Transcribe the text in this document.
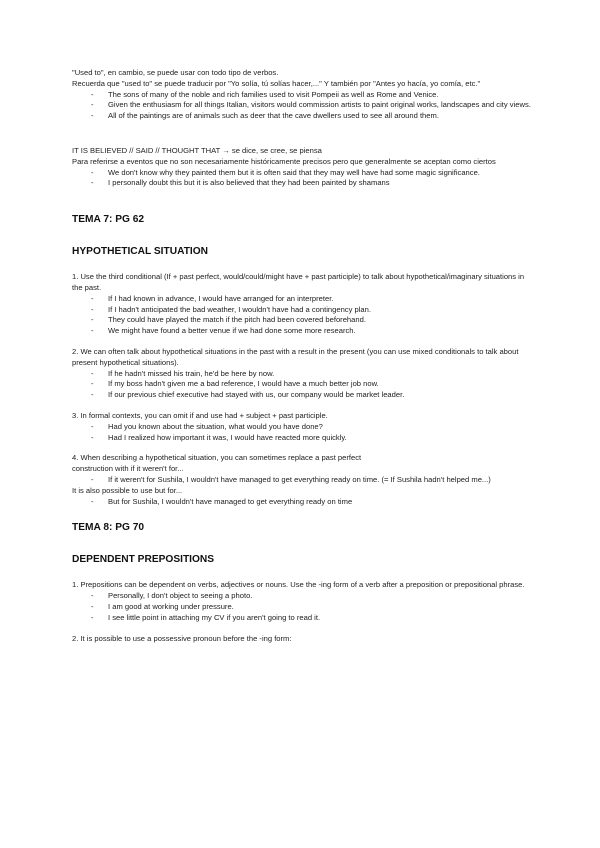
"Used to", en cambio, se puede usar con todo tipo de verbos.

Recuerda que "used to" se puede traducir por "Yo solía, tú solías hacer,..." Y también por "Antes yo hacía, yo comía, etc."

- The sons of many of the noble and rich families used to visit Pompeii as well as Rome and Venice.
- Given the enthusiasm for all things Italian, visitors would commission artists to paint original works, landscapes and city views.
- All of the paintings are of animals such as deer that the cave dwellers used to see all around them.

IT IS BELIEVED // SAID // THOUGHT THAT → se dice, se cree, se piensa

Para referirse a eventos que no son necesariamente históricamente precisos pero que generalmente se aceptan como ciertos

- We don't know why they painted them but it is often said that they may well have had some magic significance.
- I personally doubt this but it is also believed that they had been painted by shamans
TEMA 7: PG 62
HYPOTHETICAL SITUATION

1. Use the third conditional (If + past perfect, would/could/might have + past participle) to talk about hypothetical/imaginary situations in the past.

- If I had known in advance, I would have arranged for an interpreter.
- If I hadn't anticipated the bad weather, I wouldn't have had a contingency plan.
- They could have played the match if the pitch had been covered beforehand.
- We might have found a better venue if we had done some more research.

2. We can often talk about hypothetical situations in the past with a result in the present (you can use mixed conditionals to talk about present hypothetical situations).

- If he hadn't missed his train, he'd be here by now.
- If my boss hadn't given me a bad reference, I would have a much better job now.
- If our previous chief executive had stayed with us, our company would be market leader.

3. In formal contexts, you can omit if and use had + subject + past participle.

- Had you known about the situation, what would you have done?
- Had I realized how important it was, I would have reacted more quickly.

4. When describing a hypothetical situation, you can sometimes replace a past perfect

construction with if it weren't for...

- If it weren't for Sushila, I wouldn't have managed to get everything ready on time. (= If Sushila hadn't helped me...)

It is also possible to use but for...

- But for Sushila, I wouldn't have managed to get everything ready on time
TEMA 8: PG 70
DEPENDENT PREPOSITIONS

1. Prepositions can be dependent on verbs, adjectives or nouns. Use the -ing form of a verb after a preposition or prepositional phrase.

- Personally, I don't object to seeing a photo.
- I am good at working under pressure.
- I see little point in attaching my CV if you aren't going to read it.

2. It is possible to use a possessive pronoun before the -ing form:
